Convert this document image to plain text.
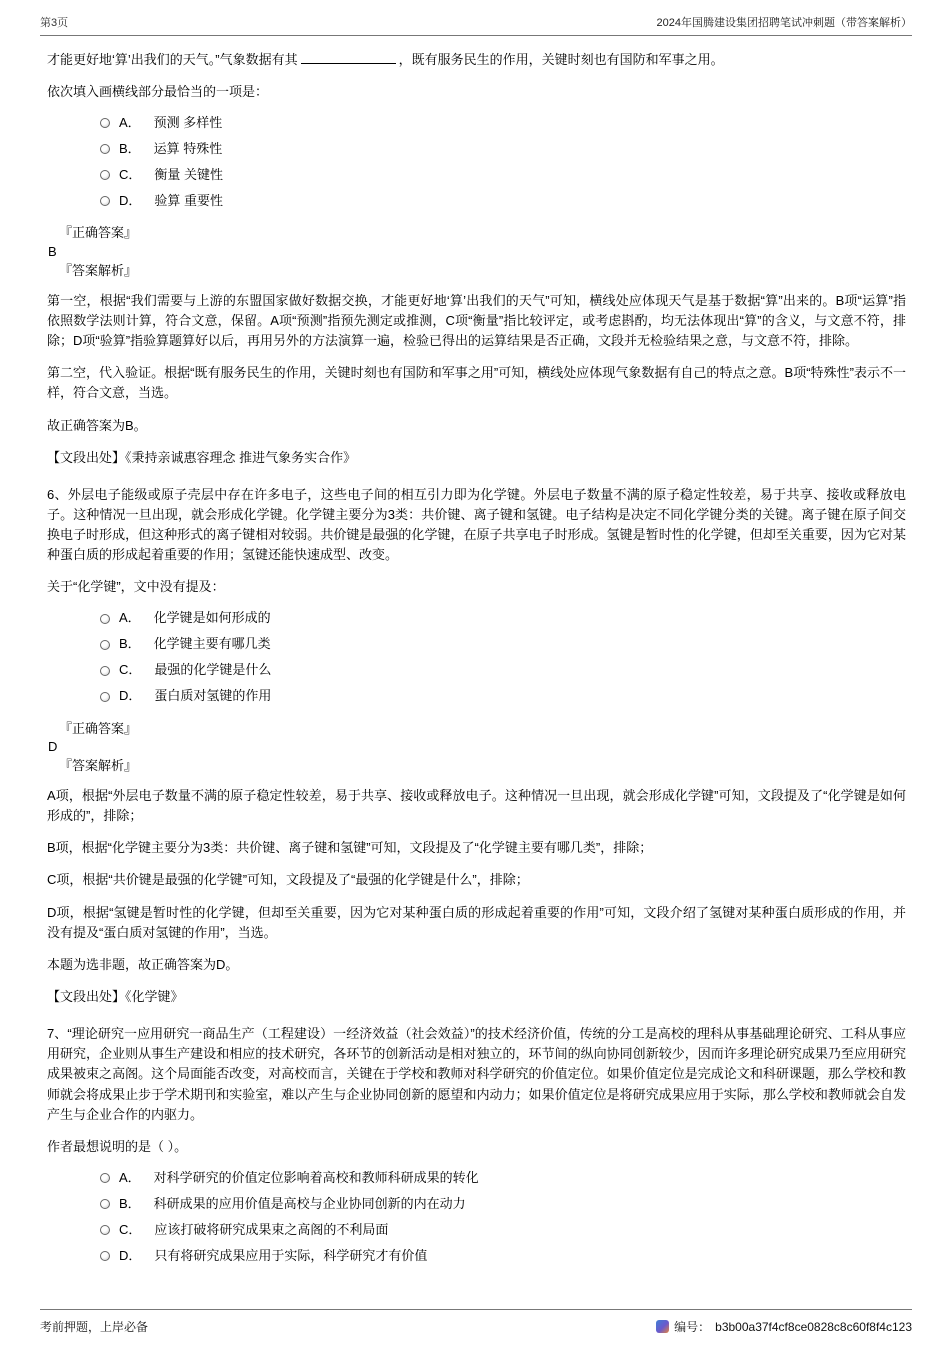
第3页	2024年国腾建设集团招聘笔试冲刺题（带答案解析）

才能更好地‘算’出我们的天气。”气象数据有其	，既有服务民生的作用，关键时刻也有国防和军事之用。

依次填入画横线部分最恰当的一项是：

A． 预测 多样性
B． 运算 特殊性
C． 衡量 关键性
D． 验算 重要性

『正确答案』

B

『答案解析』

第一空，根据“我们需要与上游的东盟国家做好数据交换，才能更好地‘算’出我们的天气”可知，横线处应体现天气是基于数据“算”出来的。B项“运算”指依照数学法则计算，符合文意，保留。A项“预测”指预先测定或推测，C项“衡量”指比较评定，或考虑斟酌，均无法体现出“算”的含义，与文意不符，排除；D项“验算”指验算题算好以后，再用另外的方法演算一遍，检验已得出的运算结果是否正确，文段并无检验结果之意，与文意不符，排除。

第二空，代入验证。根据“既有服务民生的作用，关键时刻也有国防和军事之用”可知，横线处应体现气象数据有自己的特点之意。B项“特殊性”表示不一样，符合文意，当选。

故正确答案为B。

【文段出处】《秉持亲诚惠容理念 推进气象务实合作》

6、外层电子能级或原子壳层中存在许多电子，这些电子间的相互引力即为化学键。外层电子数量不满的原子稳定性较差，易于共享、接收或释放电子。这种情况一旦出现，就会形成化学键。化学键主要分为3类：共价键、离子键和氢键。电子结构是决定不同化学键分类的关键。离子键在原子间交换电子时形成，但这种形式的离子键相对较弱。共价键是最强的化学键，在原子共享电子时形成。氢键是暂时性的化学键，但却至关重要，因为它对某种蛋白质的形成起着重要的作用；氢键还能快速成型、改变。

关于“化学键”，文中没有提及：

A． 化学键是如何形成的
B． 化学键主要有哪几类
C． 最强的化学键是什么
D． 蛋白质对氢键的作用

『正确答案』

D

『答案解析』

A项，根据“外层电子数量不满的原子稳定性较差，易于共享、接收或释放电子。这种情况一旦出现，就会形成化学键”可知，文段提及了“化学键是如何形成的”，排除；

B项，根据“化学键主要分为3类：共价键、离子键和氢键”可知，文段提及了“化学键主要有哪几类”，排除；

C项，根据“共价键是最强的化学键”可知，文段提及了“最强的化学键是什么”，排除；

D项，根据“氢键是暂时性的化学键，但却至关重要，因为它对某种蛋白质的形成起着重要的作用”可知，文段介绍了氢键对某种蛋白质形成的作用，并没有提及“蛋白质对氢键的作用”，当选。

本题为选非题，故正确答案为D。

【文段出处】《化学键》

7、“理论研究一应用研究一商品生产（工程建设）一经济效益（社会效益）”的技术经济价值，传统的分工是高校的理科从事基础理论研究、工科从事应用研究，企业则从事生产建设和相应的技术研究，各环节的创新活动是相对独立的，环节间的纵向协同创新较少，因而许多理论研究成果乃至应用研究成果被束之高阁。这个局面能否改变，对高校而言，关键在于学校和教师对科学研究的价值定位。如果价值定位是完成论文和科研课题，那么学校和教师就会将成果止步于学术期刊和实验室，难以产生与企业协同创新的愿望和内动力；如果价值定位是将研究成果应用于实际，那么学校和教师就会自发产生与企业合作的内驱力。

作者最想说明的是（ ）。

A． 对科学研究的价值定位影响着高校和教师科研成果的转化
B． 科研成果的应用价值是高校与企业协同创新的内在动力
C． 应该打破将研究成果束之高阁的不利局面
D． 只有将研究成果应用于实际，科学研究才有价值
考前押题，上岸必备	编号： b3b00a37f4cf8ce0828c8c60f8f4c123
